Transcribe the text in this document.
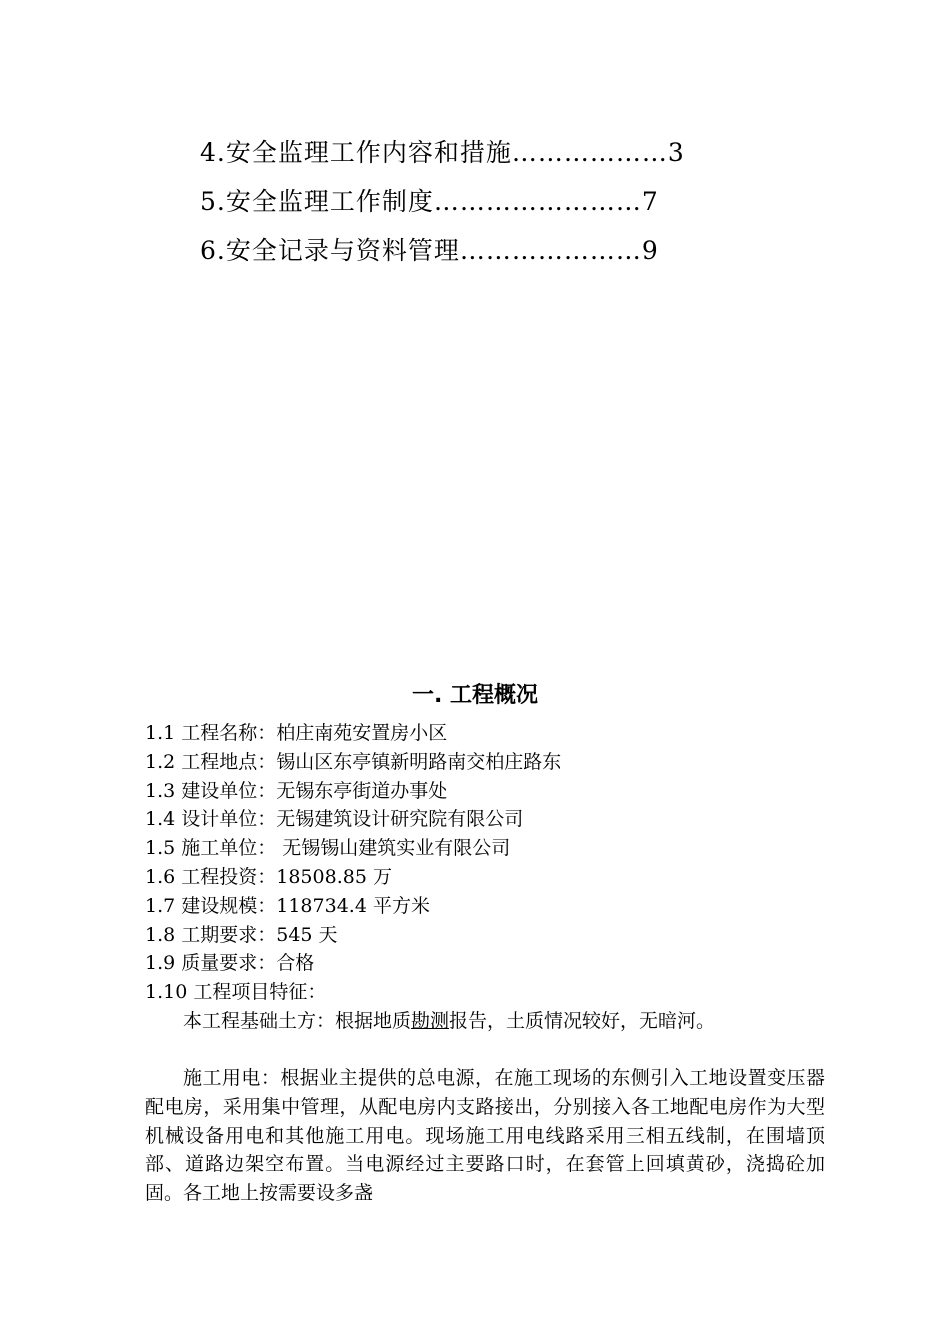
4.安全监理工作内容和措施………………3
5.安全监理工作制度……………………7
6.安全记录与资料管理…………………9
一. 工程概况
1.1 工程名称：柏庄南苑安置房小区
1.2 工程地点：锡山区东亭镇新明路南交柏庄路东
1.3 建设单位：无锡东亭街道办事处
1.4 设计单位：无锡建筑设计研究院有限公司
1.5 施工单位： 无锡锡山建筑实业有限公司
1.6 工程投资：18508.85 万
1.7 建设规模：118734.4 平方米
1.8 工期要求：545 天
1.9 质量要求：合格
1.10 工程项目特征：
本工程基础土方：根据地质勘测报告，土质情况较好，无暗河。
施工用电：根据业主提供的总电源，在施工现场的东侧引入工地设置变压器配电房，采用集中管理，从配电房内支路接出，分别接入各工地配电房作为大型机械设备用电和其他施工用电。现场施工用电线路采用三相五线制，在围墙顶部、道路边架空布置。当电源经过主要路口时，在套管上回填黄砂，浇捣砼加固。各工地上按需要设多盏
